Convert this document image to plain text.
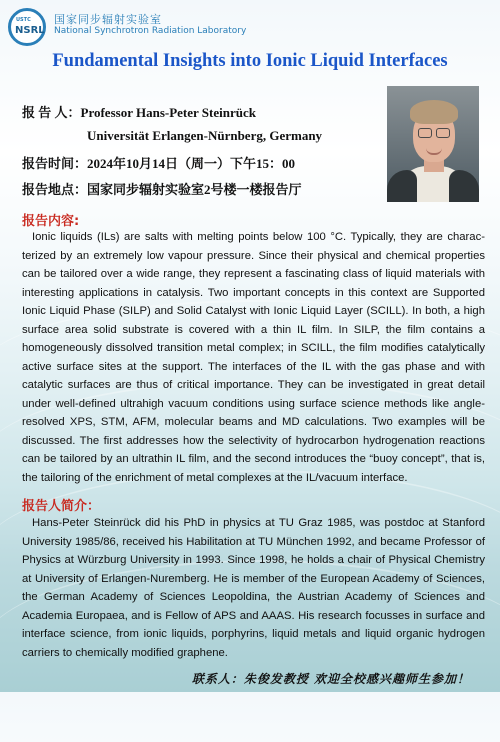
USTC
NSRL
国家同步辐射实验室
National Synchrotron Radiation Laboratory
Fundamental Insights into Ionic Liquid Interfaces
报 告 人：Professor Hans-Peter Steinrück
Universität Erlangen-Nürnberg, Germany
报告时间：2024年10月14日（周一）下午15：00
报告地点：国家同步辐射实验室2号楼一楼报告厅
报告内容:

Ionic liquids (ILs) are salts with melting points below 100 °C. Typically, they are charac-terized by an extremely low vapour pressure. Since their physical and chemical properties can be tailored over a wide range, they represent a fascinating class of liquid materials with interesting applications in catalysis. Two important concepts in this context are Supported Ionic Liquid Phase (SILP) and Solid Catalyst with Ionic Liquid Layer (SCILL). In both, a high surface area solid substrate is covered with a thin IL film. In SILP, the film contains a homogeneously dissolved transition metal complex; in SCILL, the film modifies catalytically active surface sites at the support. The interfaces of the IL with the gas phase and with catalytic surfaces are thus of critical importance. They can be investigated in great detail under well-defined ultrahigh vacuum conditions using surface science methods like angle-resolved XPS, STM, AFM, molecular beams and MD calculations. Two examples will be discussed. The first addresses how the selectivity of hydrocarbon hydrogenation reactions can be tailored by an ultrathin IL film, and the second introduces the “buoy concept”, that is, the tailoring of the enrichment of metal complexes at the IL/vacuum interface.

报告人简介：

Hans-Peter Steinrück did his PhD in physics at TU Graz 1985, was postdoc at Stanford University 1985/86, received his Habilitation at TU München 1992, and became Professor of Physics at Würzburg University in 1993. Since 1998, he holds a chair of Physical Chemistry at University of Erlangen-Nuremberg. He is member of the European Academy of Sciences, the German Academy of Sciences Leopoldina, the Austrian Academy of Sciences and Academia Europaea, and is Fellow of APS and AAAS. His research focusses in surface and interface science, from ionic liquids, porphyrins, liquid metals and liquid organic hydrogen carriers to chemically modified graphene.

联系人：朱俊发教授 欢迎全校感兴趣师生参加！
